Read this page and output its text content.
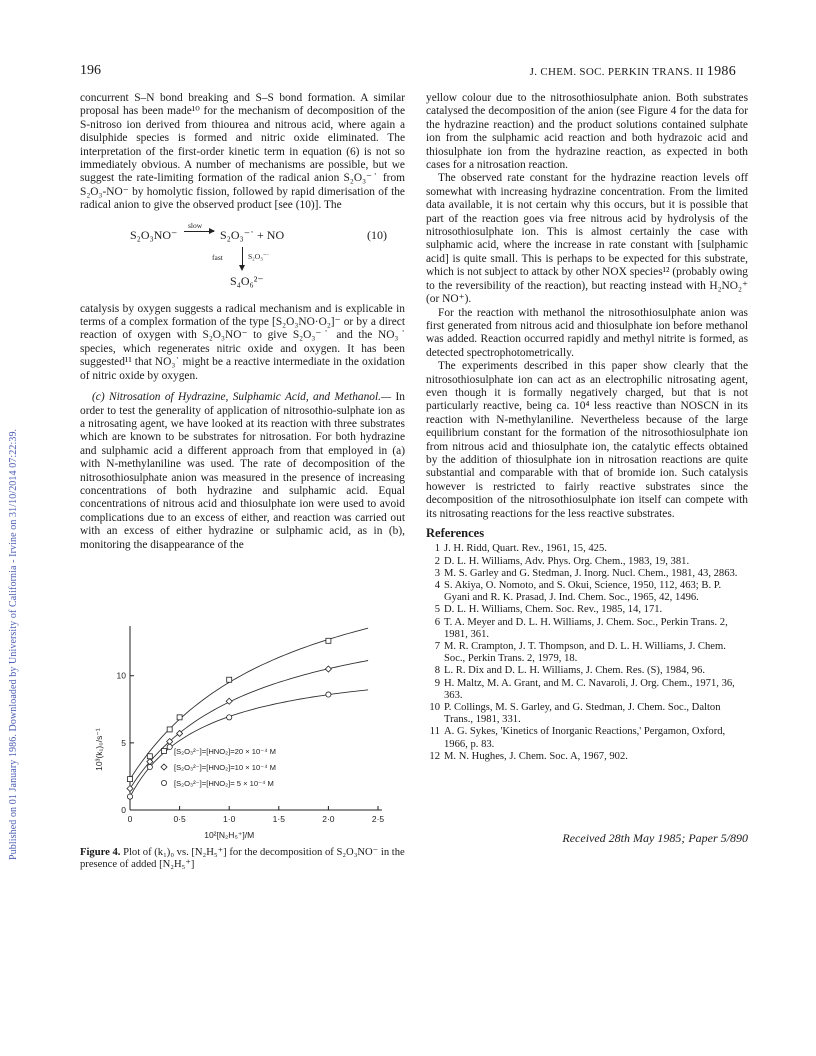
Published on 01 January 1986. Downloaded by University of California - Irvine on 31/10/2014 07:22:39.
196	J. CHEM. SOC. PERKIN TRANS. II 1986

concurrent S–N bond breaking and S–S bond formation. A similar proposal has been made¹⁰ for the mechanism of decomposition of the S-nitroso ion derived from thiourea and nitrous acid, where again a disulphide species is formed and nitric oxide eliminated. The interpretation of the first-order kinetic term in equation (6) is not so immediately obvious. A number of mechanisms are possible, but we suggest the rate-limiting formation of the radical anion S₂O₃⁻˙ from S₂O₃-NO⁻ by homolytic fission, followed by rapid dimerisation of the radical anion to give the observed product [see (10)]. The

S₂O₃NO⁻
slow
S₂O₃⁻˙ + NO	(10)
fast	S₂O₃⁻˙
S₄O₆²⁻

catalysis by oxygen suggests a radical mechanism and is explicable in terms of a complex formation of the type [S₂O₃NO·O₂]⁻ or by a direct reaction of oxygen with S₂O₃NO⁻ to give S₂O₃⁻˙ and the NO₃˙ species, which regenerates nitric oxide and oxygen. It has been suggested¹¹ that NO₃˙ might be a reactive intermediate in the oxidation of nitric oxide by oxygen.

(c) Nitrosation of Hydrazine, Sulphamic Acid, and Methanol.— In order to test the generality of application of nitrosothio-sulphate ion as a nitrosating agent, we have looked at its reaction with three substrates which are known to be substrates for nitrosation. For both hydrazine and sulphamic acid a different approach from that employed in (a) with N-methylaniline was used. The rate of decomposition of the nitrosothiosulphate anion was measured in the presence of increasing concentrations of both hydrazine and sulphamic acid. Equal concentrations of nitrous acid and thiosulphate ion were used to avoid complications due to an excess of either, and reaction was carried out with an excess of either hydrazine or sulphamic acid, as in (b), monitoring the disappearance of the

yellow colour due to the nitrosothiosulphate anion. Both substrates catalysed the decomposition of the anion (see Figure 4 for the data for the hydrazine reaction) and the product solutions contained sulphate ion from the sulphamic acid reaction and both hydrazoic acid and thiosulphate ion from the hydrazine reaction, as expected in both cases for a nitrosation reaction.

The observed rate constant for the hydrazine reaction levels off somewhat with increasing hydrazine concentration. From the limited data available, it is not certain why this occurs, but it is possible that part of the reaction goes via free nitrous acid by hydrolysis of the nitrosothiosulphate ion. This is almost certainly the case with sulphamic acid, where the increase in rate constant with [sulphamic acid] is quite small. This is perhaps to be expected for this substrate, which is not subject to attack by other NOX species¹² (probably owing to the reversibility of the reaction), but reacting instead with H₂NO₂⁺ (or NO⁺).

For the reaction with methanol the nitrosothiosulphate anion was first generated from nitrous acid and thiosulphate ion before methanol was added. Reaction occurred rapidly and methyl nitrite is formed, as detected spectrophotometrically.

The experiments described in this paper show clearly that the nitrosothiosulphate ion can act as an electrophilic nitrosating agent, even though it is formally negatively charged, but that is not particularly reactive, being ca. 10⁴ less reactive than NOSCN in its reaction with N-methylaniline. Nevertheless because of the large equilibrium constant for the formation of the nitrosothiosulphate ion from nitrous acid and thiosulphate ion, the catalytic effects obtained by the addition of thiosulphate ion in nitrosation reactions are quite substantial and comparable with that of bromide ion. Such catalysis however is restricted to fairly reactive substrates since the decomposition of the nitrosothiosulphate ion itself can compete with its nitrosating reactions for the less reactive substrates.

References
1 J. H. Ridd, Quart. Rev., 1961, 15, 425.
2 D. L. H. Williams, Adv. Phys. Org. Chem., 1983, 19, 381.
3 M. S. Garley and G. Stedman, J. Inorg. Nucl. Chem., 1981, 43, 2863.
4 S. Akiya, O. Nomoto, and S. Okui, Science, 1950, 112, 463; B. P. Gyani and R. K. Prasad, J. Ind. Chem. Soc., 1965, 42, 1496.
5 D. L. H. Williams, Chem. Soc. Rev., 1985, 14, 171.
6 T. A. Meyer and D. L. H. Williams, J. Chem. Soc., Perkin Trans. 2, 1981, 361.
7 M. R. Crampton, J. T. Thompson, and D. L. H. Williams, J. Chem. Soc., Perkin Trans. 2, 1979, 18.
8 L. R. Dix and D. L. H. Williams, J. Chem. Res. (S), 1984, 96.
9 H. Maltz, M. A. Grant, and M. C. Navaroli, J. Org. Chem., 1971, 36, 363.
10 P. Collings, M. S. Garley, and G. Stedman, J. Chem. Soc., Dalton Trans., 1981, 331.
11 A. G. Sykes, 'Kinetics of Inorganic Reactions,' Pergamon, Oxford, 1966, p. 83.
12 M. N. Hughes, J. Chem. Soc. A, 1967, 902.
Received 28th May 1985; Paper 5/890
0	0·5	1·0	1·5	2·0	2·5
0
5
10
10²[N₂H₅⁺]/M
10³(k₁)₀/s⁻¹	[S₂O₃²⁻]=[HNO₂]=20 × 10⁻⁴ M
[S₂O₃²⁻]=[HNO₂]=10 × 10⁻⁴ M
[S₂O₃²⁻]=[HNO₂]= 5 × 10⁻⁴ M
Figure 4. Plot of (k₁)₀ vs. [N₂H₅⁺] for the decomposition of S₂O₃NO⁻ in the presence of added [N₂H₅⁺]
